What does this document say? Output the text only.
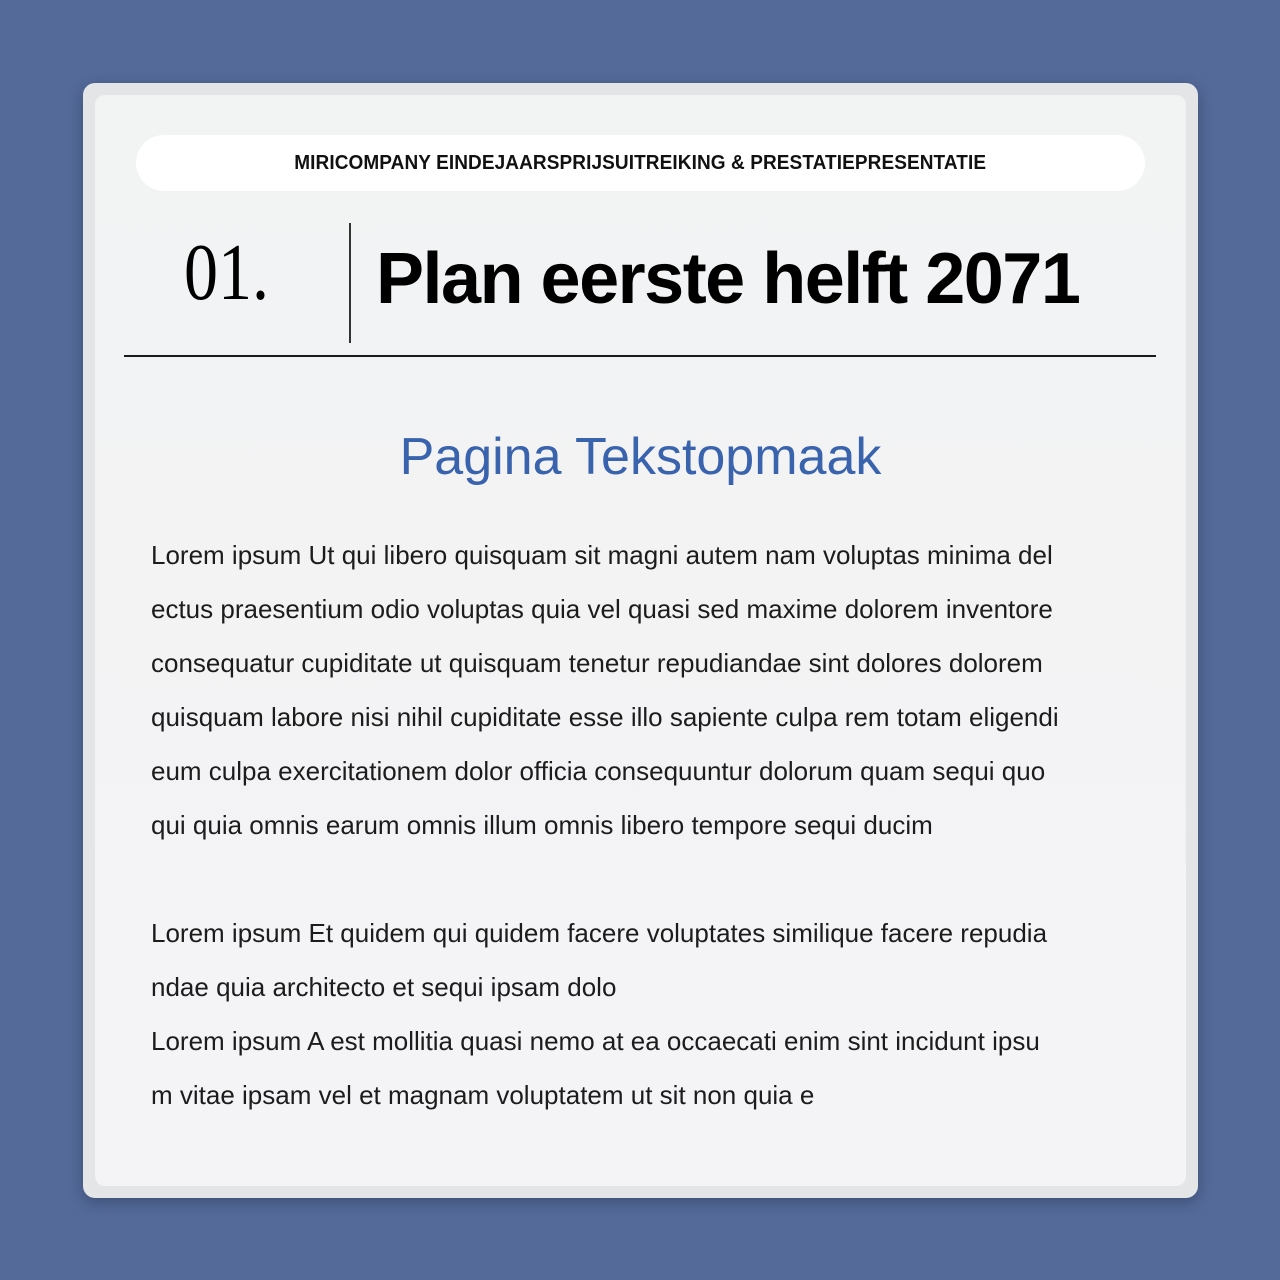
MIRICOMPANY EINDEJAARSPRIJSUITREIKING & PRESTATIEPRESENTATIE
01. Plan eerste helft 2071
Pagina Tekstopmaak
Lorem ipsum Ut qui libero quisquam sit magni autem nam voluptas minima del
ectus praesentium odio voluptas quia vel quasi sed maxime dolorem inventore
consequatur cupiditate ut quisquam tenetur repudiandae sint dolores dolorem
quisquam labore nisi nihil cupiditate esse illo sapiente culpa rem totam eligendi
eum culpa exercitationem dolor officia consequuntur dolorum quam sequi quo
qui quia omnis earum omnis illum omnis libero tempore sequi ducim
Lorem ipsum Et quidem qui quidem facere voluptates similique facere repudia
ndae quia architecto et sequi ipsam dolo
Lorem ipsum A est mollitia quasi nemo at ea occaecati enim sint incidunt ipsu
m vitae ipsam vel et magnam voluptatem ut sit non quia e
